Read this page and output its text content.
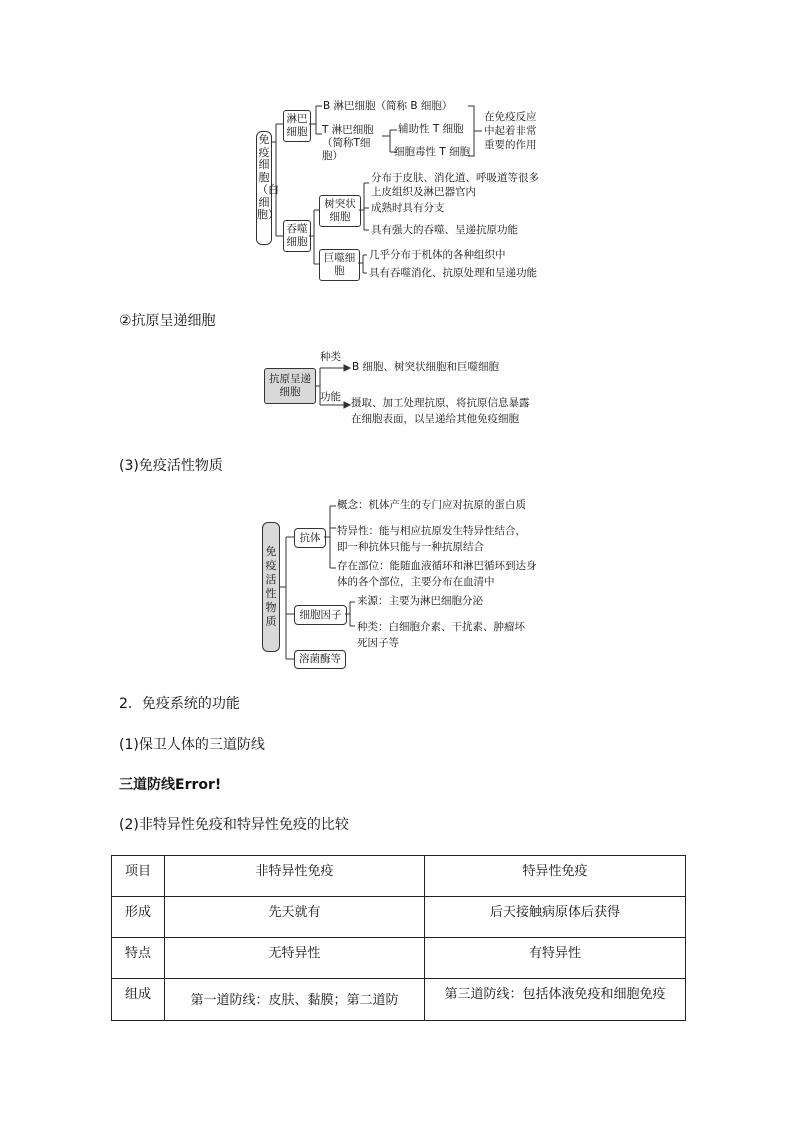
免疫细胞（白细胞）
淋巴细胞
B 淋巴细胞（简称 B 细胞）
T 淋巴细胞（简称T细胞）
辅助性 T 细胞
细胞毒性 T 细胞
在免疫反应中起着非常重要的作用
吞噬细胞
树突状细胞
分布于皮肤、消化道、呼吸道等很多上皮组织及淋巴器官内
成熟时具有分支
具有强大的吞噬、呈递抗原功能
巨噬细胞
几乎分布于机体的各种组织中
具有吞噬消化、抗原处理和呈递功能
②抗原呈递细胞
抗原呈递细胞
种类
B 细胞、树突状细胞和巨噬细胞
功能 摄取、加工处理抗原，将抗原信息暴露在细胞表面，以呈递给其他免疫细胞
(3)免疫活性物质
免疫活性物质
抗体
概念：机体产生的专门应对抗原的蛋白质
特异性：能与相应抗原发生特异性结合，即一种抗体只能与一种抗原结合
存在部位：能随血液循环和淋巴循环到达身体的各个部位，主要分布在血清中
细胞因子
来源：主要为淋巴细胞分泌
种类：白细胞介素、干扰素、肿瘤坏死因子等
溶菌酶等
2．免疫系统的功能
(1)保卫人体的三道防线
三道防线Error!
(2)非特异性免疫和特异性免疫的比较
项目	非特异性免疫	特异性免疫

形成	先天就有	后天接触病原体后获得

特点	无特异性	有特异性

组成	第一道防线：皮肤、黏膜；第二道防	第三道防线：包括体液免疫和细胞免疫
